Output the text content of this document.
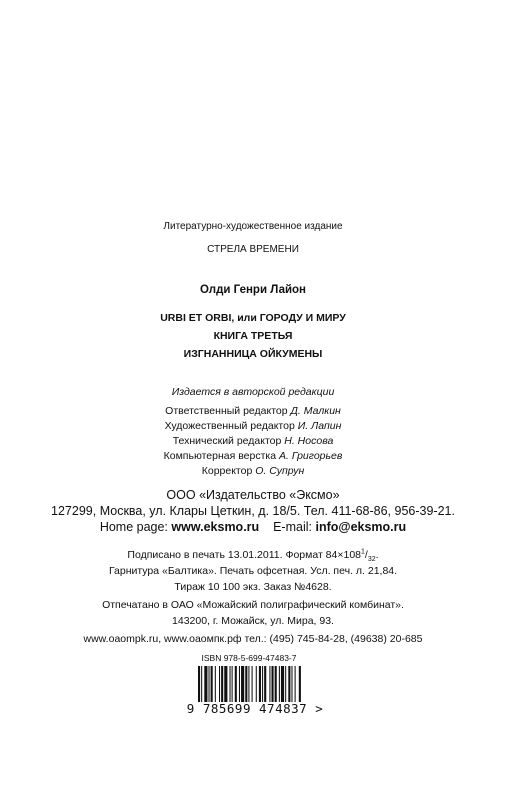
Литературно-художественное издание
СТРЕЛА ВРЕМЕНИ
Олди Генри Лайон
URBI ET ORBI, или ГОРОДУ И МИРУ
КНИГА ТРЕТЬЯ
ИЗГНАННИЦА ОЙКУМЕНЫ
Издается в авторской редакции
Ответственный редактор Д. Малкин
Художественный редактор И. Лапин
Технический редактор Н. Носова
Компьютерная верстка А. Григорьев
Корректор О. Супрун
ООО «Издательство «Эксмо»
127299, Москва, ул. Клары Цеткин, д. 18/5. Тел. 411-68-86, 956-39-21.
Home page: www.eksmo.ru E-mail: info@eksmo.ru
Подписано в печать 13.01.2011. Формат $84\times 108^1/_{32}$.
Гарнитура «Балтика». Печать офсетная. Усл. печ. л. 21,84.
Тираж 10 100 экз. Заказ №4628.
Отпечатано в ОАО «Можайский полиграфический комбинат».
143200, г. Можайск, ул. Мира, 93.
www.oaompk.ru, www.оаомпк.рф тел.: (495) 745-84-28, (49638) 20-685
ISBN 978-5-699-47483-7
9 785699 474837 >
